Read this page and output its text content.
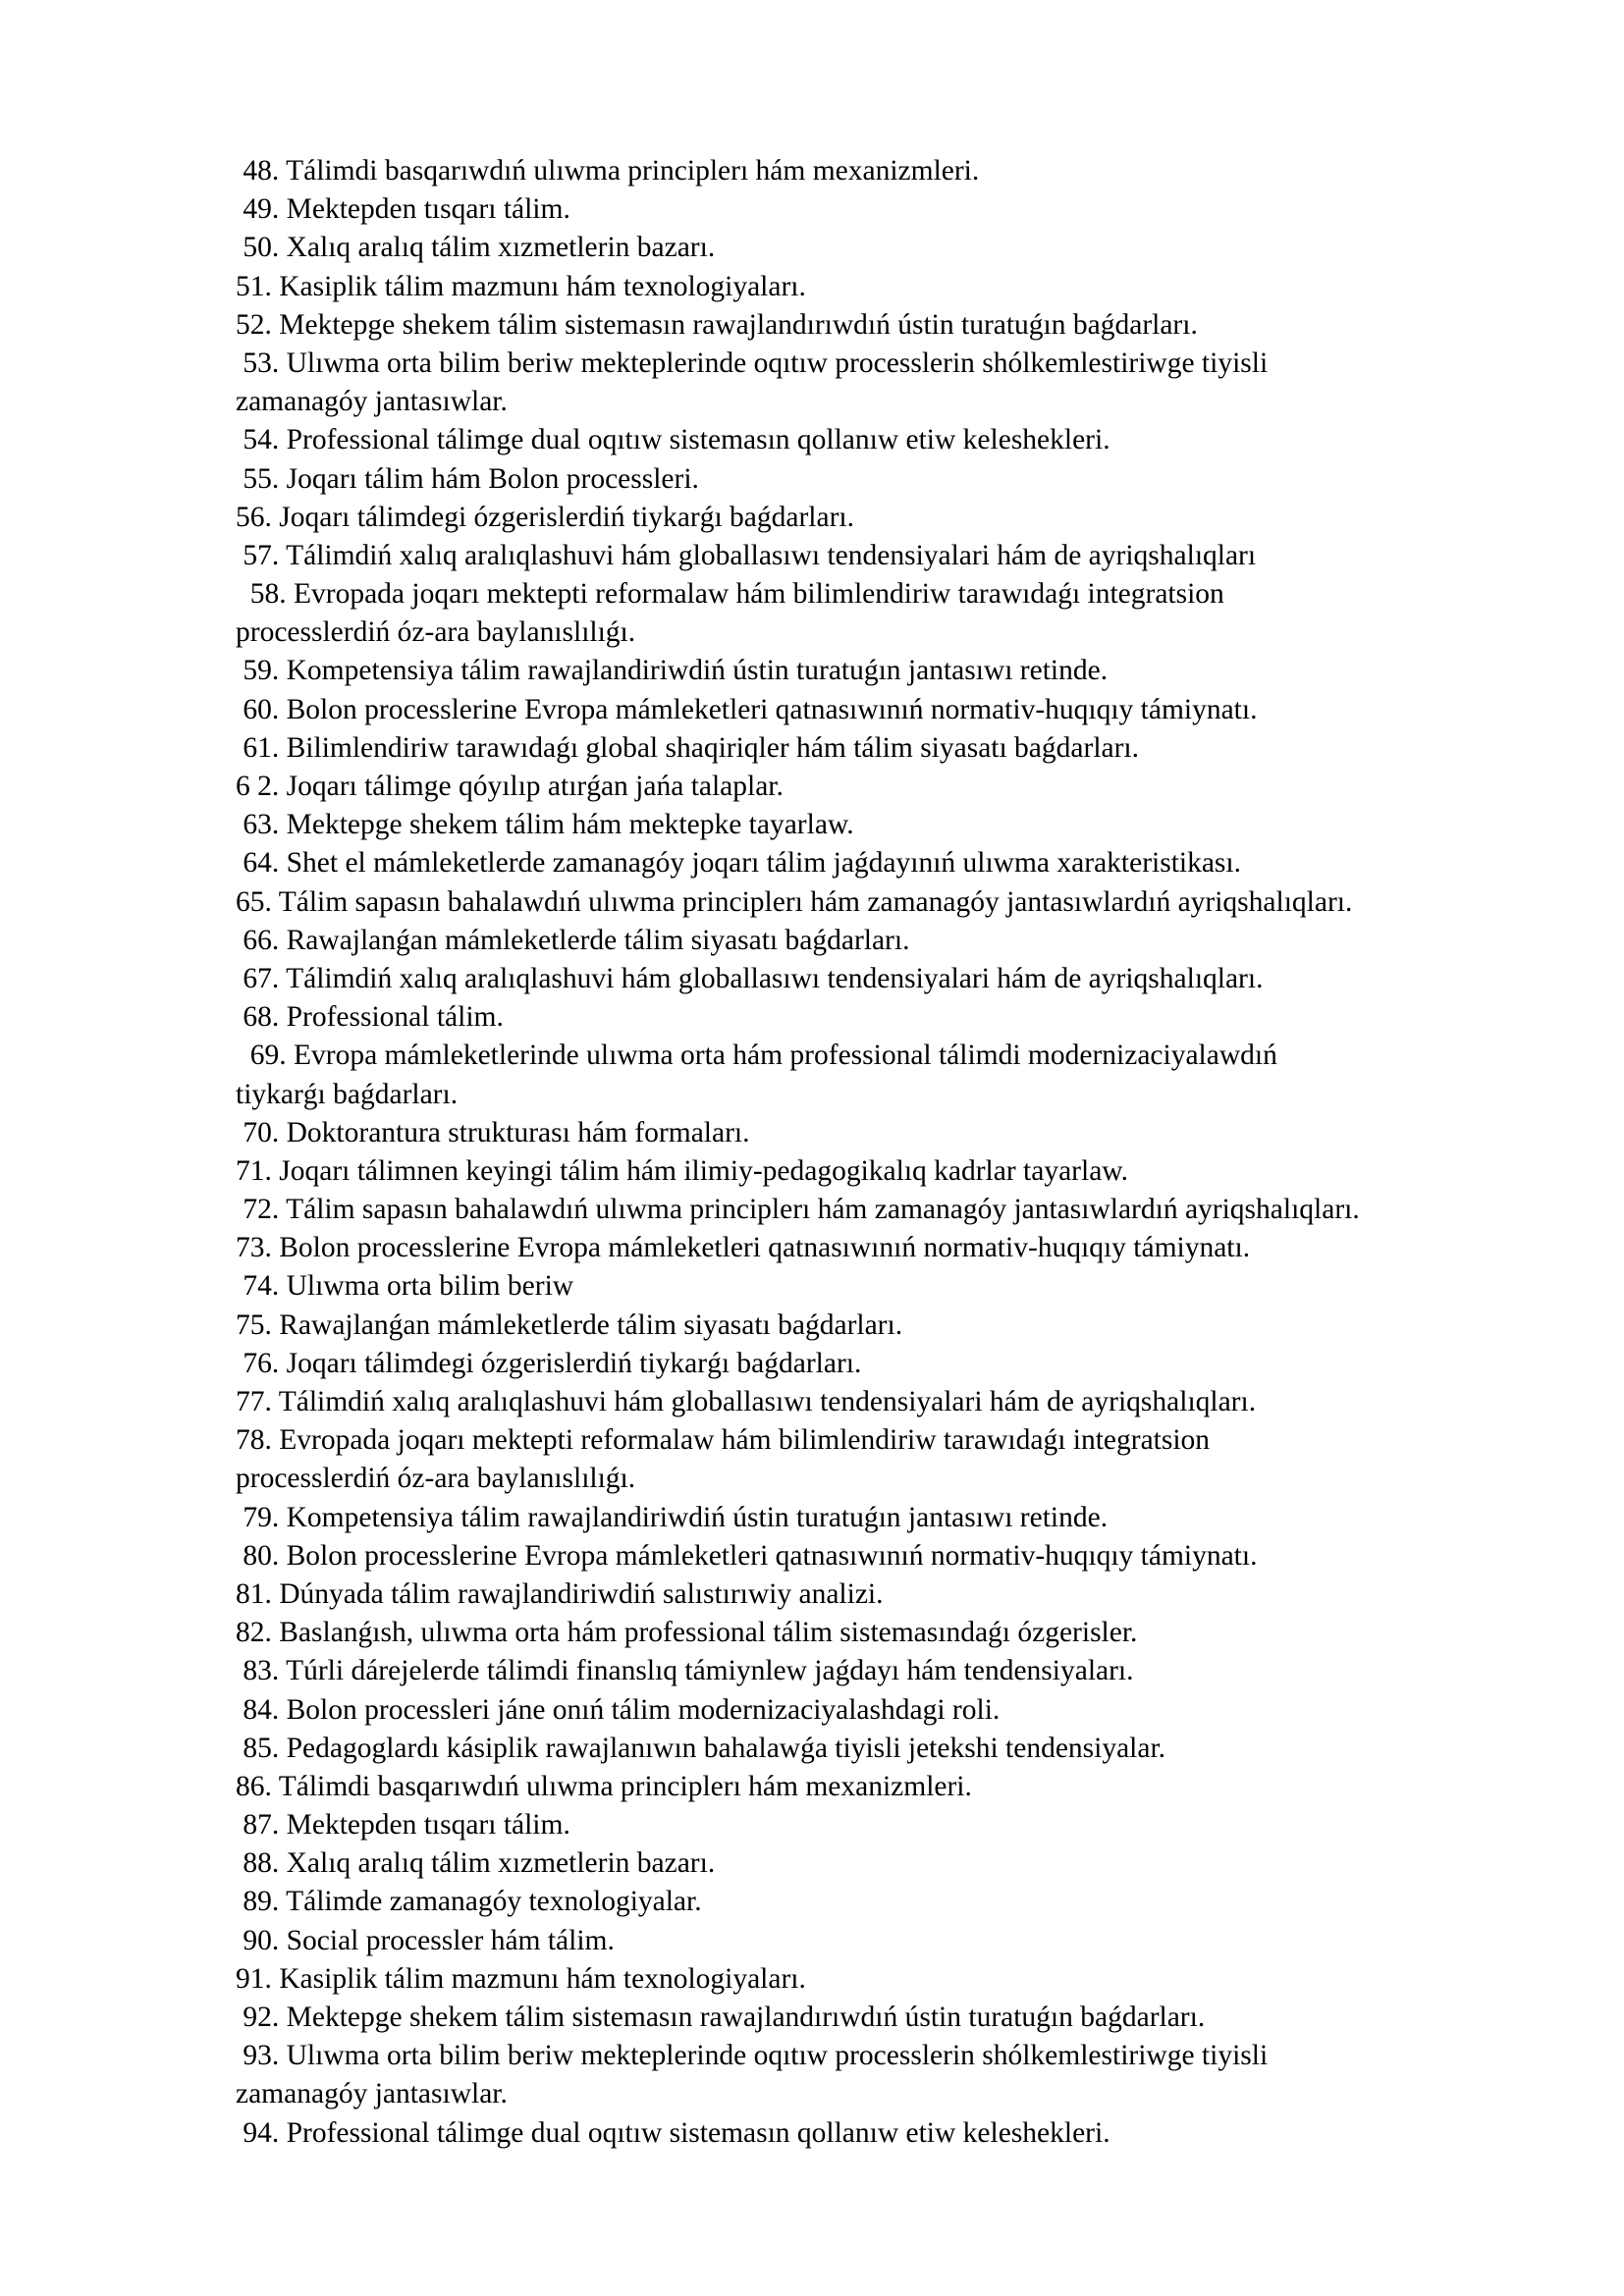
48. Tálimdi basqarıwdıń ulıwma principlerı hám mexanizmleri.
49. Mektepden tısqarı tálim.
50. Xalıq aralıq tálim xızmetlerin bazarı.
51. Kasiplik tálim mazmunı hám texnologiyaları.
52. Mektepge shekem tálim sistemasın rawajlandırıwdıń ústin turatuǵın baǵdarları.
53. Ulıwma orta bilim beriw mekteplerinde oqıtıw processlerin shólkemlestiriwge tiyisli
zamanagóy jantasıwlar.
54. Professional tálimge dual oqıtıw sistemasın qollanıw etiw keleshekleri.
55. Joqarı tálim hám Bolon processleri.
56. Joqarı tálimdegi ózgerislerdiń tiykarǵı baǵdarları.
57. Tálimdiń xalıq aralıqlashuvi hám globallasıwı tendensiyalari hám de ayriqshalıqları
58. Evropada joqarı mektepti reformalaw hám bilimlendiriw tarawıdaǵı integratsion
processlerdiń óz-ara baylanıslılıǵı.
59. Kompetensiya tálim rawajlandiriwdiń ústin turatuǵın jantasıwı retinde.
60. Bolon processlerine Evropa mámleketleri qatnasıwınıń normativ-huqıqıy támiynatı.
61. Bilimlendiriw tarawıdaǵı global shaqiriqler hám tálim siyasatı baǵdarları.
6 2. Joqarı tálimge qóyılıp atırǵan jańa talaplar.
63. Mektepge shekem tálim hám mektepke tayarlaw.
64. Shet el mámleketlerde zamanagóy joqarı tálim jaǵdayınıń ulıwma xarakteristikası.
65. Tálim sapasın bahalawdıń ulıwma principlerı hám zamanagóy jantasıwlardıń ayriqshalıqları.
66. Rawajlanǵan mámleketlerde tálim siyasatı baǵdarları.
67. Tálimdiń xalıq aralıqlashuvi hám globallasıwı tendensiyalari hám de ayriqshalıqları.
68. Professional tálim.
69. Evropa mámleketlerinde ulıwma orta hám professional tálimdi modernizaciyalawdıń
tiykarǵı baǵdarları.
70. Doktorantura strukturası hám formaları.
71. Joqarı tálimnen keyingi tálim hám ilimiy-pedagogikalıq kadrlar tayarlaw.
72. Tálim sapasın bahalawdıń ulıwma principlerı hám zamanagóy jantasıwlardıń ayriqshalıqları.
73. Bolon processlerine Evropa mámleketleri qatnasıwınıń normativ-huqıqıy támiynatı.
74. Ulıwma orta bilim beriw
75. Rawajlanǵan mámleketlerde tálim siyasatı baǵdarları.
76. Joqarı tálimdegi ózgerislerdiń tiykarǵı baǵdarları.
77. Tálimdiń xalıq aralıqlashuvi hám globallasıwı tendensiyalari hám de ayriqshalıqları.
78. Evropada joqarı mektepti reformalaw hám bilimlendiriw tarawıdaǵı integratsion
processlerdiń óz-ara baylanıslılıǵı.
79. Kompetensiya tálim rawajlandiriwdiń ústin turatuǵın jantasıwı retinde.
80. Bolon processlerine Evropa mámleketleri qatnasıwınıń normativ-huqıqıy támiynatı.
81. Dúnyada tálim rawajlandiriwdiń salıstırıwiy analizi.
82. Baslanǵısh, ulıwma orta hám professional tálim sistemasındaǵı ózgerisler.
83. Túrli dárejelerde tálimdi finanslıq támiynlew jaǵdayı hám tendensiyaları.
84. Bolon processleri jáne onıń tálim modernizaciyalashdagi roli.
85. Pedagoglardı kásiplik rawajlanıwın bahalawǵa tiyisli jetekshi tendensiyalar.
86. Tálimdi basqarıwdıń ulıwma principlerı hám mexanizmleri.
87. Mektepden tısqarı tálim.
88. Xalıq aralıq tálim xızmetlerin bazarı.
89. Tálimde zamanagóy texnologiyalar.
90. Social processler hám tálim.
91. Kasiplik tálim mazmunı hám texnologiyaları.
92. Mektepge shekem tálim sistemasın rawajlandırıwdıń ústin turatuǵın baǵdarları.
93. Ulıwma orta bilim beriw mekteplerinde oqıtıw processlerin shólkemlestiriwge tiyisli
zamanagóy jantasıwlar.
94. Professional tálimge dual oqıtıw sistemasın qollanıw etiw keleshekleri.
